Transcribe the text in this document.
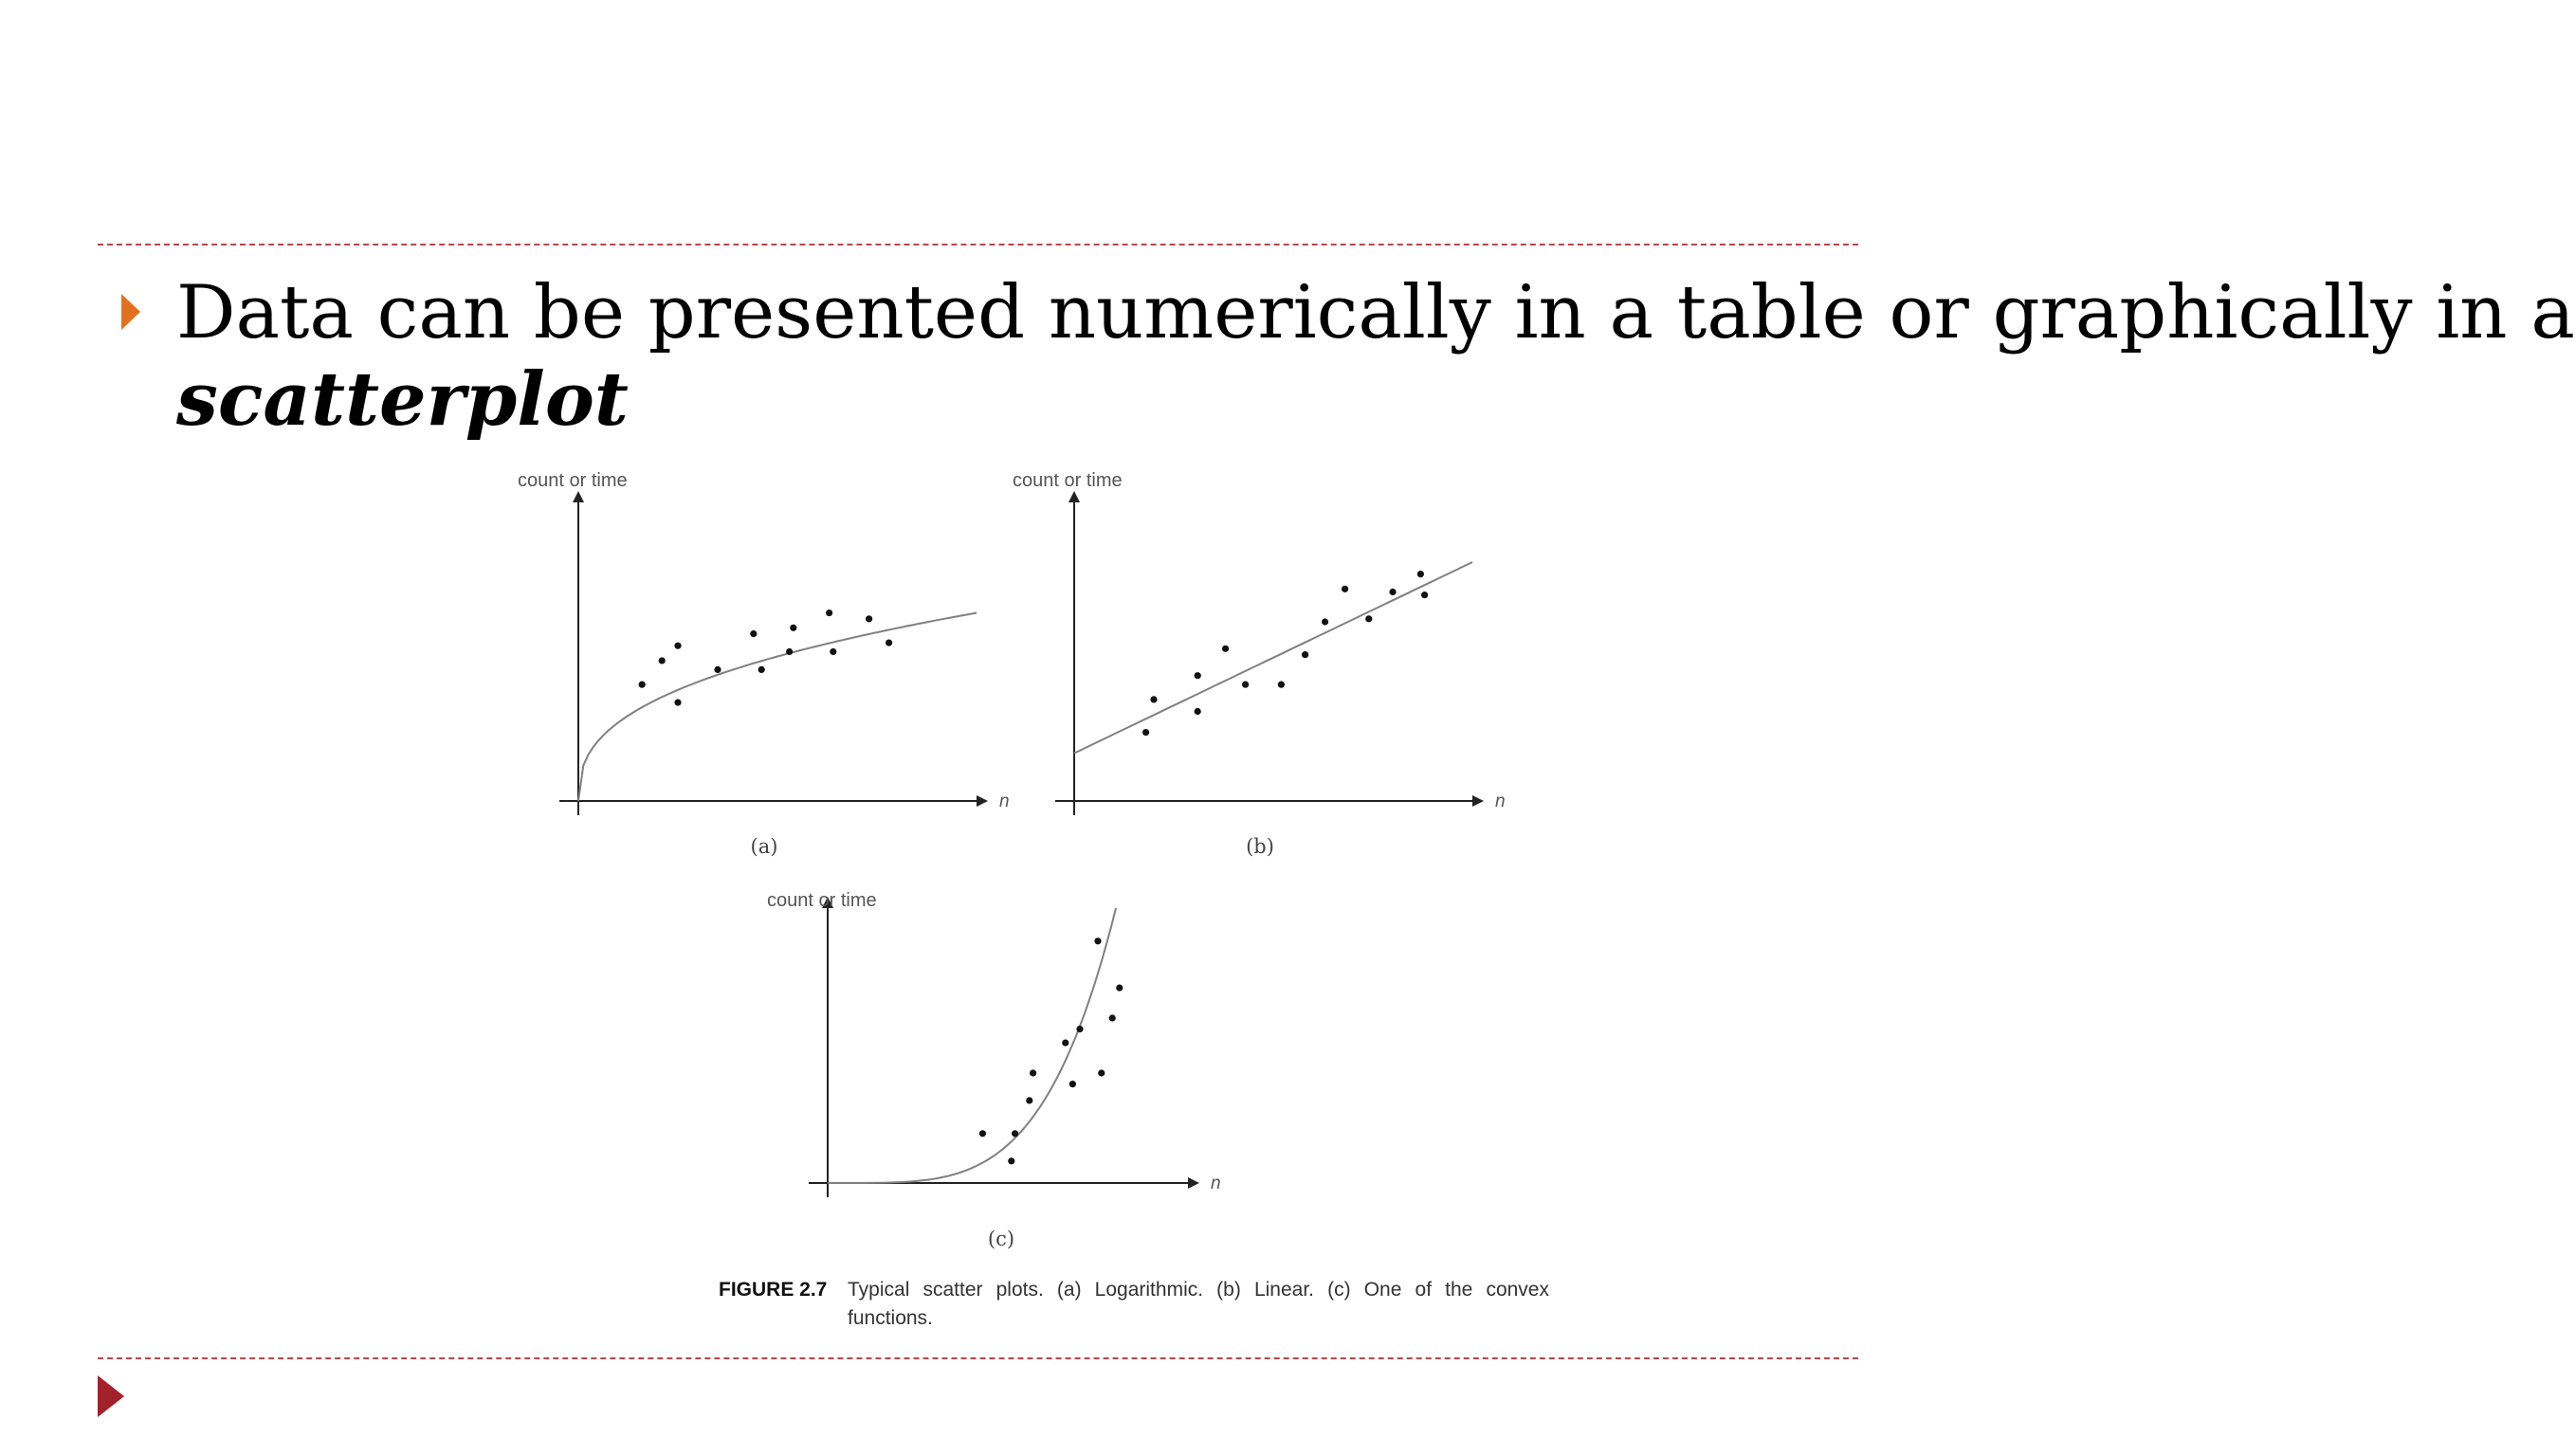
Data can be presented numerically in a table or graphically in a
scatterplot

count or time
n
(a)
count or time
n
(b)
count or time
n
(c)
FIGURE 2.7 Typical scatter plots. (a) Logarithmic. (b) Linear. (c) One of the convex functions.
